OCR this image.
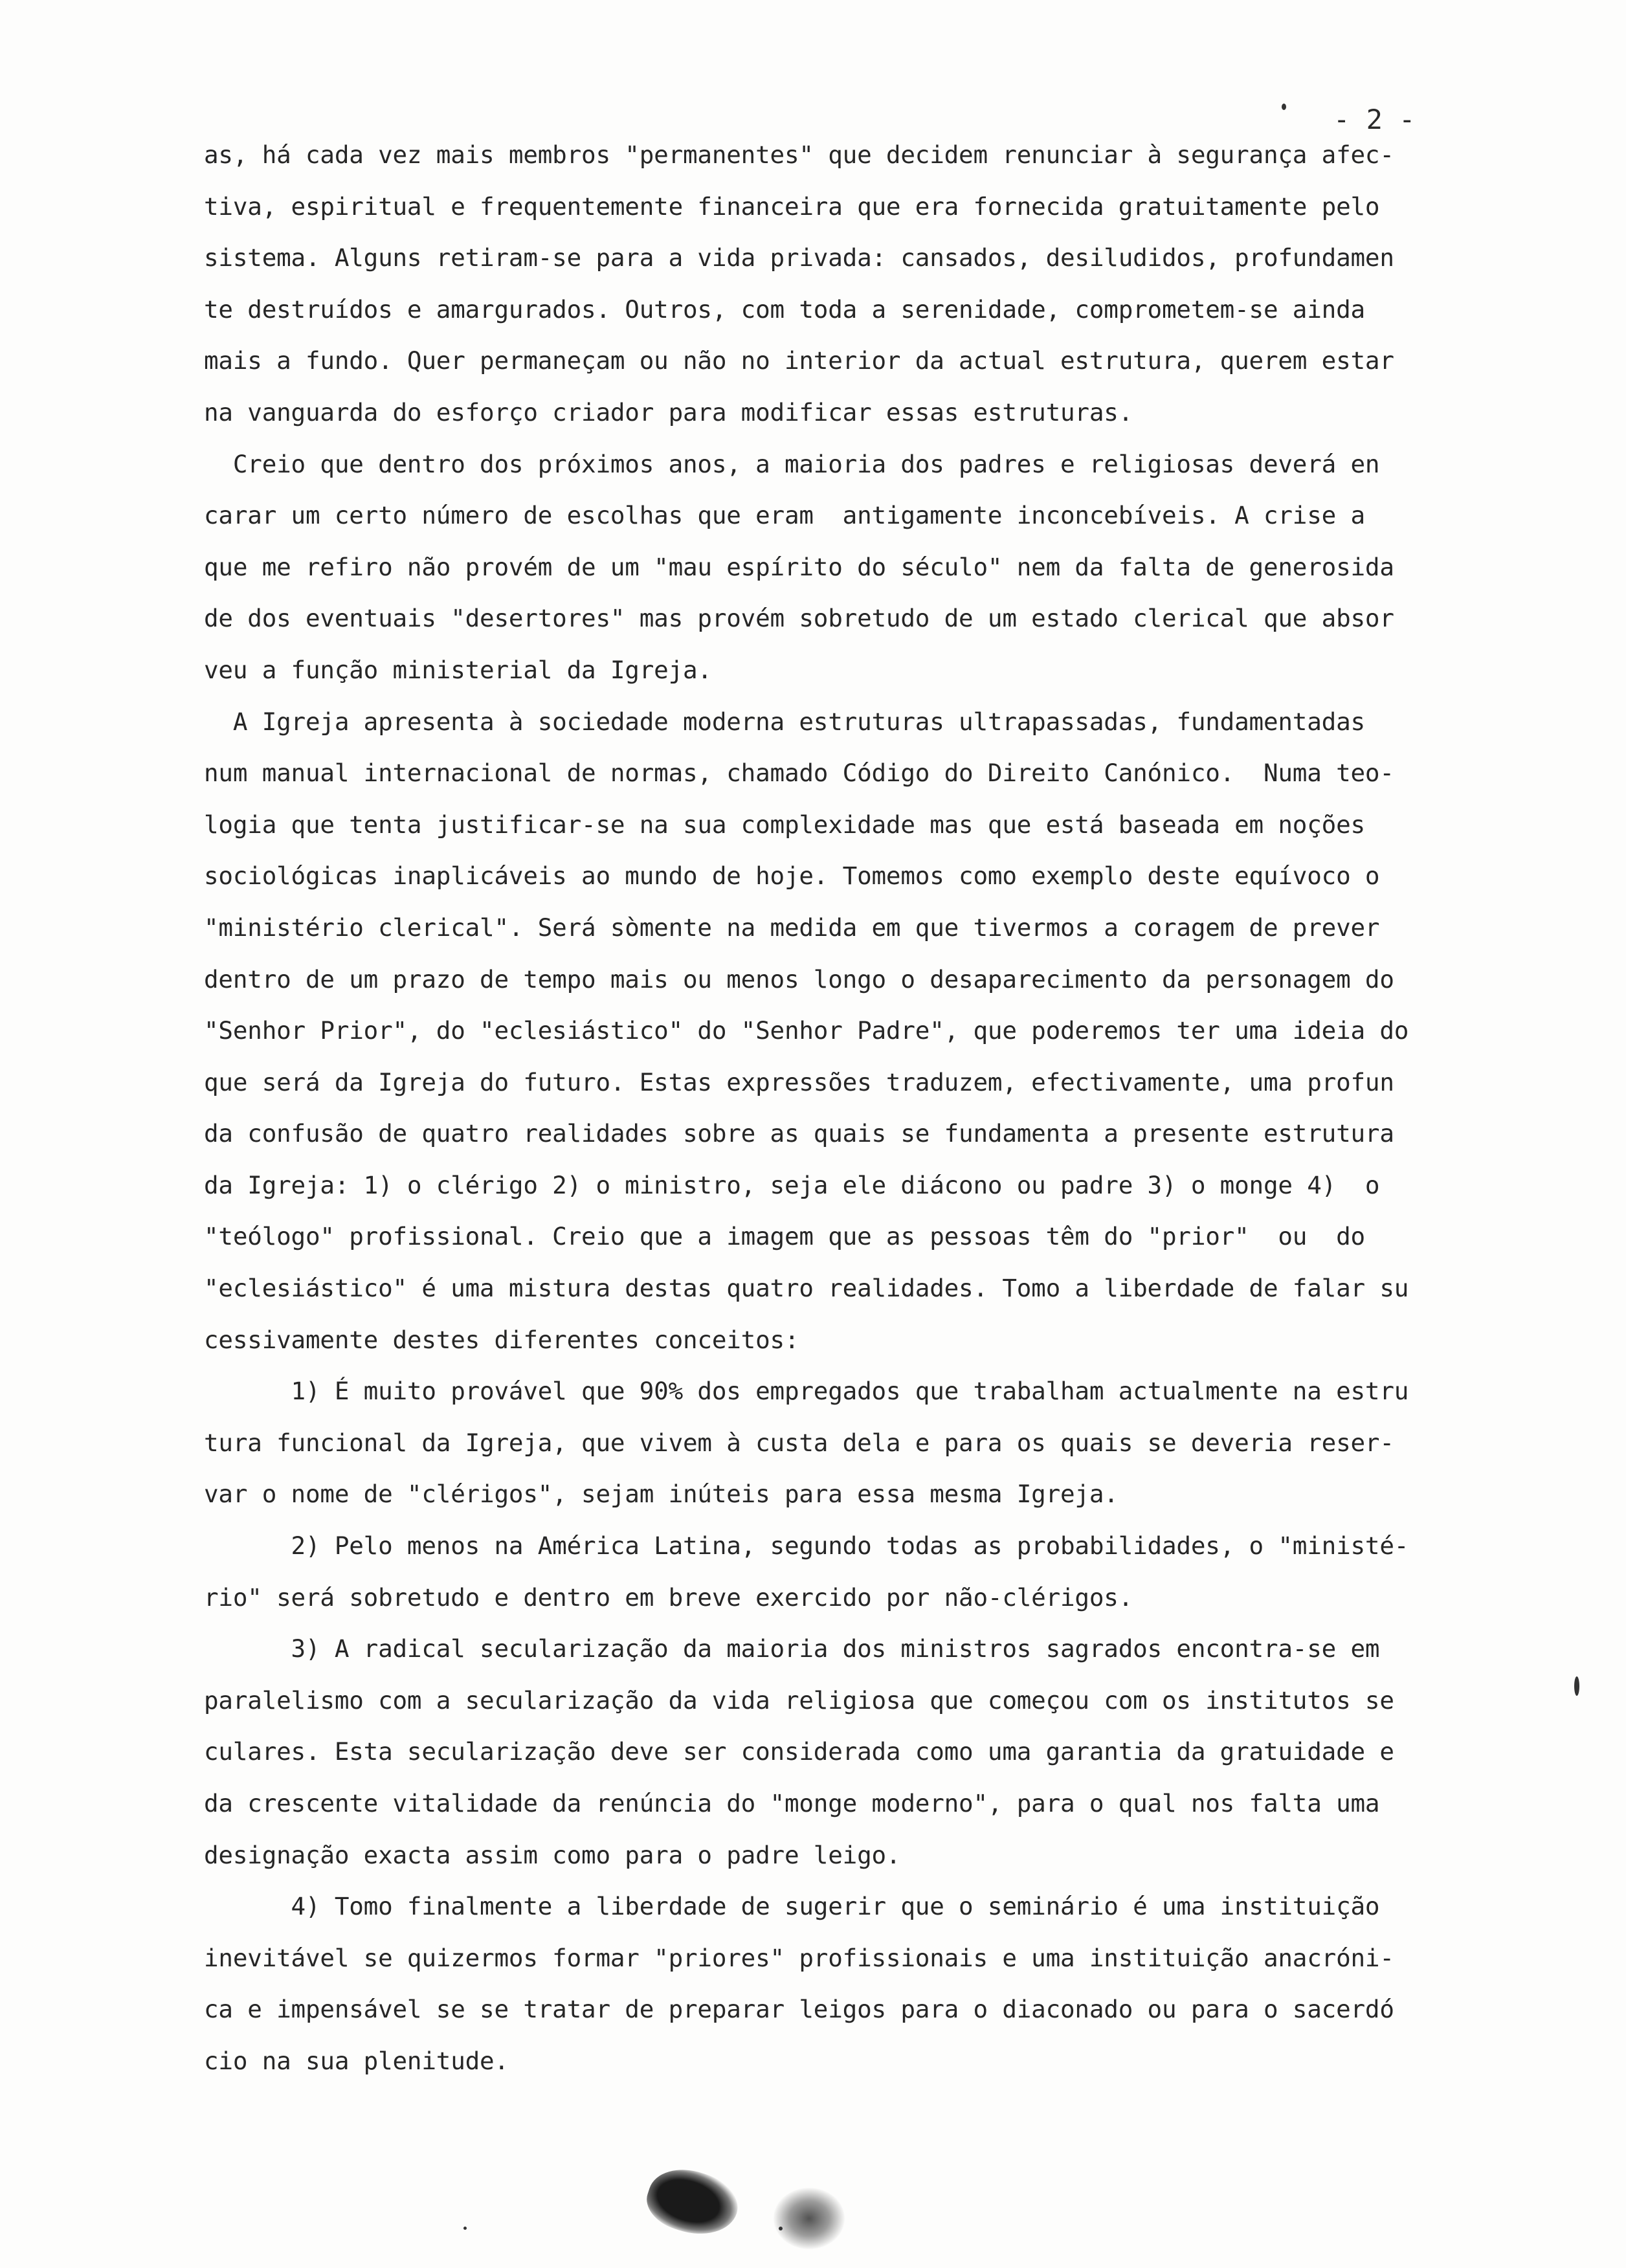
- 2 -
as, há cada vez mais membros "permanentes" que decidem renunciar à segurança afec-
tiva, espiritual e frequentemente financeira que era fornecida gratuitamente pelo
sistema. Alguns retiram-se para a vida privada: cansados, desiludidos, profundamen
te destruídos e amargurados. Outros, com toda a serenidade, comprometem-se ainda
mais a fundo. Quer permaneçam ou não no interior da actual estrutura, querem estar
na vanguarda do esforço criador para modificar essas estruturas.
Creio que dentro dos próximos anos, a maioria dos padres e religiosas deverá en
carar um certo número de escolhas que eram  antigamente inconcebíveis. A crise a
que me refiro não provém de um "mau espírito do século" nem da falta de generosida
de dos eventuais "desertores" mas provém sobretudo de um estado clerical que absor
veu a função ministerial da Igreja.
A Igreja apresenta à sociedade moderna estruturas ultrapassadas, fundamentadas
num manual internacional de normas, chamado Código do Direito Canónico.  Numa teo-
logia que tenta justificar-se na sua complexidade mas que está baseada em noções
sociológicas inaplicáveis ao mundo de hoje. Tomemos como exemplo deste equívoco o
"ministério clerical". Será sòmente na medida em que tivermos a coragem de prever
dentro de um prazo de tempo mais ou menos longo o desaparecimento da personagem do
"Senhor Prior", do "eclesiástico" do "Senhor Padre", que poderemos ter uma ideia do
que será da Igreja do futuro. Estas expressões traduzem, efectivamente, uma profun
da confusão de quatro realidades sobre as quais se fundamenta a presente estrutura
da Igreja: 1) o clérigo 2) o ministro, seja ele diácono ou padre 3) o monge 4)  o
"teólogo" profissional. Creio que a imagem que as pessoas têm do "prior"  ou  do
"eclesiástico" é uma mistura destas quatro realidades. Tomo a liberdade de falar su
cessivamente destes diferentes conceitos:
1) É muito provável que 90% dos empregados que trabalham actualmente na estru
tura funcional da Igreja, que vivem à custa dela e para os quais se deveria reser-
var o nome de "clérigos", sejam inúteis para essa mesma Igreja.
2) Pelo menos na América Latina, segundo todas as probabilidades, o "ministé-
rio" será sobretudo e dentro em breve exercido por não-clérigos.
3) A radical secularização da maioria dos ministros sagrados encontra-se em
paralelismo com a secularização da vida religiosa que começou com os institutos se
culares. Esta secularização deve ser considerada como uma garantia da gratuidade e
da crescente vitalidade da renúncia do "monge moderno", para o qual nos falta uma
designação exacta assim como para o padre leigo.
4) Tomo finalmente a liberdade de sugerir que o seminário é uma instituição
inevitável se quizermos formar "priores" profissionais e uma instituição anacróni-
ca e impensável se se tratar de preparar leigos para o diaconado ou para o sacerdó
cio na sua plenitude.
